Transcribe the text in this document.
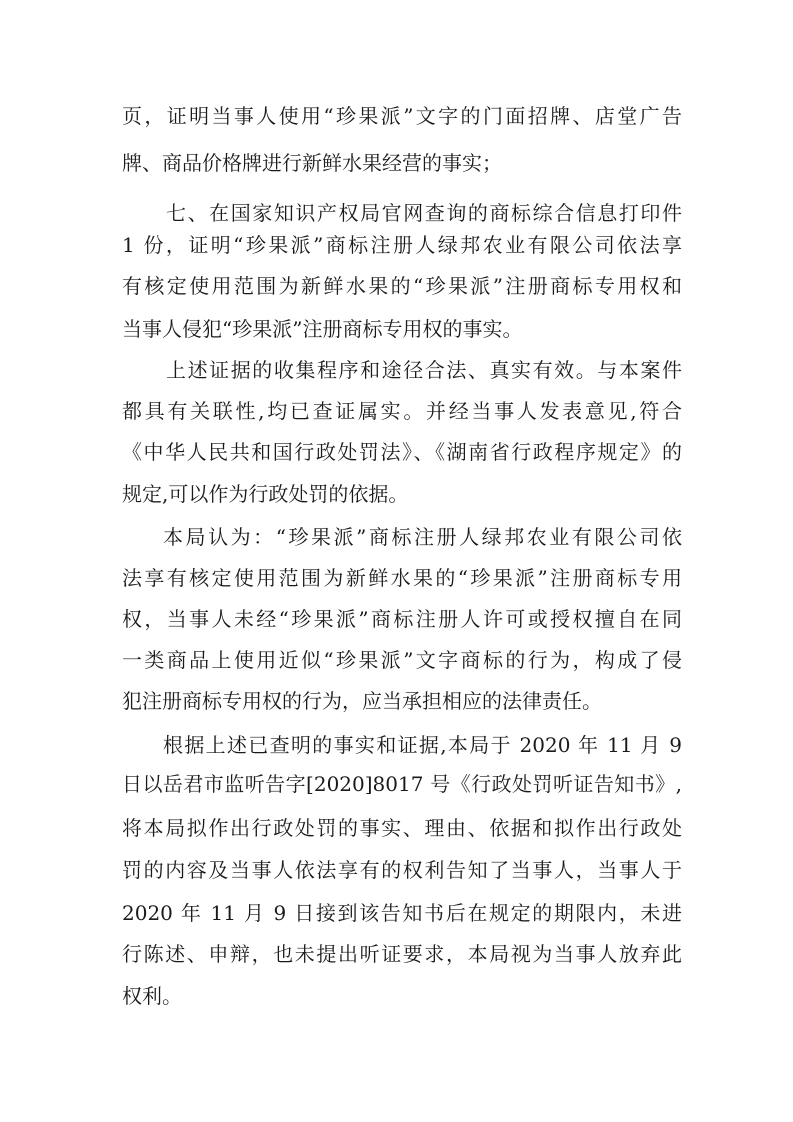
页，证明当事人使用“珍果派”文字的门面招牌、店堂广告

牌、商品价格牌进行新鲜水果经营的事实；

七、在国家知识产权局官网查询的商标综合信息打印件

1 份，证明“珍果派”商标注册人绿邦农业有限公司依法享

有核定使用范围为新鲜水果的“珍果派”注册商标专用权和

当事人侵犯“珍果派”注册商标专用权的事实。

上述证据的收集程序和途径合法、真实有效。与本案件

都具有关联性,均已查证属实。并经当事人发表意见,符合

《中华人民共和国行政处罚法》、《湖南省行政程序规定》的

规定,可以作为行政处罚的依据。

本局认为：“珍果派”商标注册人绿邦农业有限公司依

法享有核定使用范围为新鲜水果的“珍果派”注册商标专用

权，当事人未经“珍果派”商标注册人许可或授权擅自在同

一类商品上使用近似“珍果派”文字商标的行为，构成了侵

犯注册商标专用权的行为，应当承担相应的法律责任。

根据上述已查明的事实和证据,本局于 2020 年 11 月 9

日以岳君市监听告字[2020]8017 号《行政处罚听证告知书》,

将本局拟作出行政处罚的事实、理由、依据和拟作出行政处

罚的内容及当事人依法享有的权利告知了当事人，当事人于

2020 年 11 月 9 日接到该告知书后在规定的期限内，未进

行陈述、申辩，也未提出听证要求，本局视为当事人放弃此

权利。
